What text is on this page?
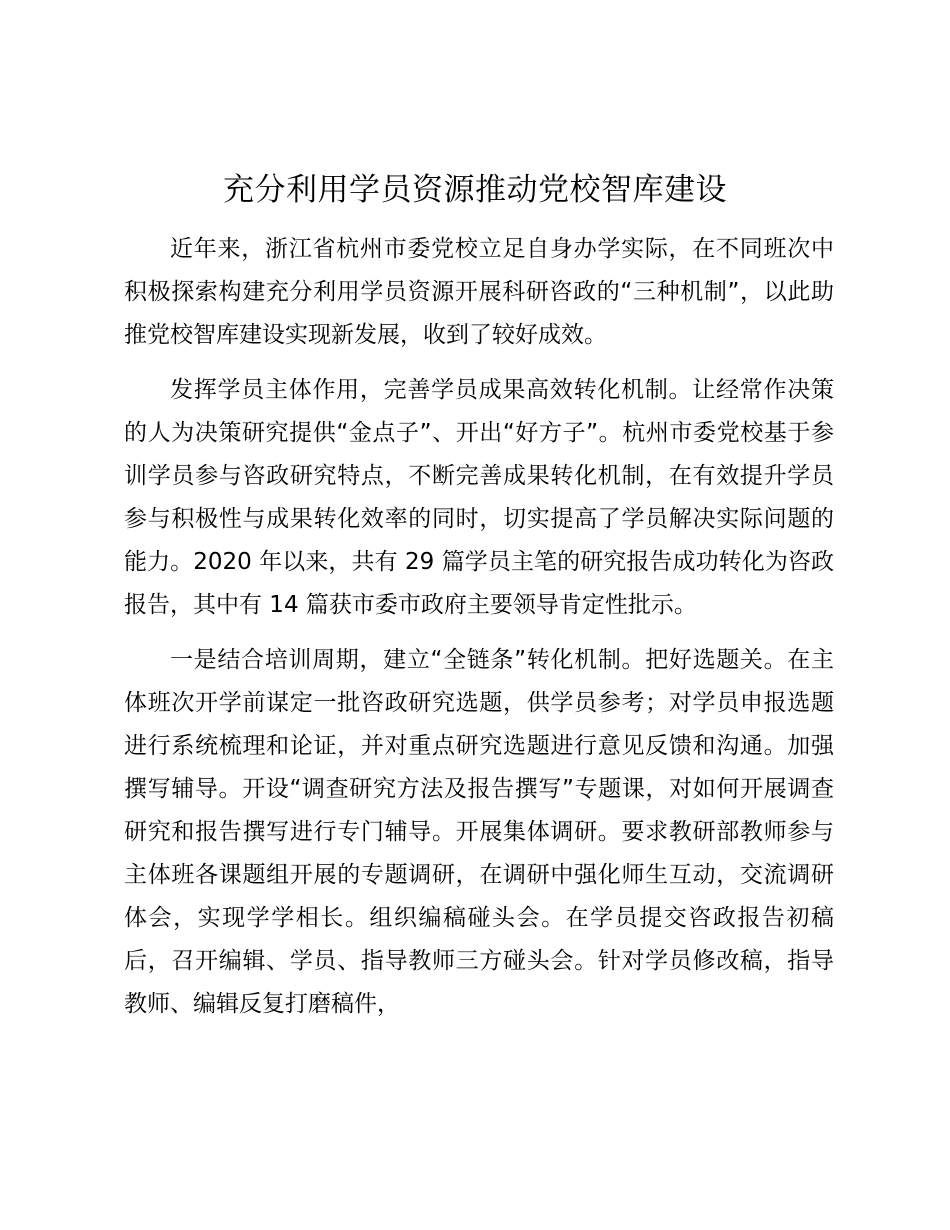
充分利用学员资源推动党校智库建设

近年来，浙江省杭州市委党校立足自身办学实际，在不同班次中积极探索构建充分利用学员资源开展科研咨政的“三种机制”，以此助推党校智库建设实现新发展，收到了较好成效。

发挥学员主体作用，完善学员成果高效转化机制。让经常作决策的人为决策研究提供“金点子”、开出“好方子”。杭州市委党校基于参训学员参与咨政研究特点，不断完善成果转化机制，在有效提升学员参与积极性与成果转化效率的同时，切实提高了学员解决实际问题的能力。2020 年以来，共有 29 篇学员主笔的研究报告成功转化为咨政报告，其中有 14 篇获市委市政府主要领导肯定性批示。

一是结合培训周期，建立“全链条”转化机制。把好选题关。在主体班次开学前谋定一批咨政研究选题，供学员参考；对学员申报选题进行系统梳理和论证，并对重点研究选题进行意见反馈和沟通。加强撰写辅导。开设“调查研究方法及报告撰写”专题课，对如何开展调查研究和报告撰写进行专门辅导。开展集体调研。要求教研部教师参与主体班各课题组开展的专题调研，在调研中强化师生互动，交流调研体会，实现学学相长。组织编稿碰头会。在学员提交咨政报告初稿后，召开编辑、学员、指导教师三方碰头会。针对学员修改稿，指导教师、编辑反复打磨稿件，
